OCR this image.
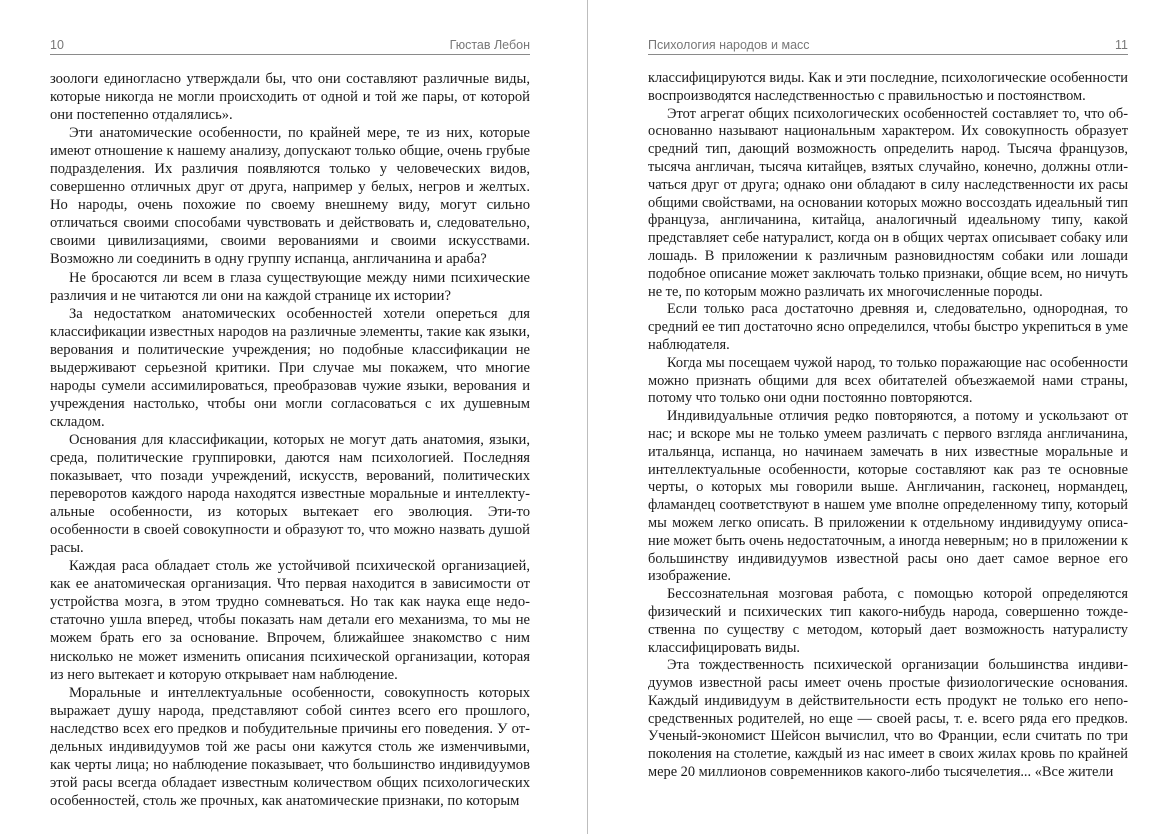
10	Гюстав Лебон

зоологи единогласно утверждали бы, что они составляют различные виды, которые никогда не могли происходить от одной и той же пары, от которой они постепенно отдалялись».

Эти анатомические особенности, по крайней мере, те из них, которые имеют отношение к нашему анализу, допускают только общие, очень грубые подразделения. Их различия появляются только у человеческих видов, совершенно отличных друг от друга, например у белых, негров и желтых. Но народы, очень похожие по своему внешнему виду, могут сильно отличаться своими способами чувствовать и действовать и, следовательно, своими цивилизациями, своими верованиями и своими искусствами. Возможно ли соединить в одну группу испанца, англичанина и араба?

Не бросаются ли всем в глаза существующие между ними психические различия и не читаются ли они на каждой странице их истории?

За недостатком анатомических особенностей хотели опереться для классификации известных народов на различные элементы, такие как языки, верования и политические учреждения; но подобные классификации не выдерживают серьезной критики. При случае мы покажем, что многие народы сумели ассимилироваться, преобразовав чужие языки, верования и учреждения настолько, чтобы они могли согласоваться с их душевным складом.

Основания для классификации, которых не могут дать анатомия, языки, среда, политические группировки, даются нам психологией. Последняя показывает, что позади учреждений, искусств, верований, политических переворотов каждого народа находятся известные моральные и интеллектуальные особенности, из которых вытекает его эволюция. Эти-то особенности в своей совокупности и образуют то, что можно назвать душой расы.

Каждая раса обладает столь же устойчивой психической организацией, как ее анатомическая организация. Что первая находится в зависимости от устройства мозга, в этом трудно сомневаться. Но так как наука еще недостаточно ушла вперед, чтобы показать нам детали его механизма, то мы не можем брать его за основание. Впрочем, ближайшее знакомство с ним нисколько не может изменить описания психической организации, которая из него вытекает и которую открывает нам наблюдение.

Моральные и интеллектуальные особенности, совокупность которых выражает душу народа, представляют собой синтез всего его прошлого, наследство всех его предков и побудительные причины его поведения. У отдельных индивидуумов той же расы они кажутся столь же изменчивыми, как черты лица; но наблюдение показывает, что большинство индивидуумов этой расы всегда обладает известным количеством общих психологических особенностей, столь же прочных, как анатомические признаки, по которым

Психология народов и масс	11

классифицируются виды. Как и эти последние, психологические особенности воспроизводятся наследственностью с правильностью и постоянством.

Этот агрегат общих психологических особенностей составляет то, что обоснованно называют национальным характером. Их совокупность образует средний тип, дающий возможность определить народ. Тысяча французов, тысяча англичан, тысяча китайцев, взятых случайно, конечно, должны отличаться друг от друга; однако они обладают в силу наследственности их расы общими свойствами, на основании которых можно воссоздать идеальный тип француза, англичанина, китайца, аналогичный идеальному типу, какой представляет себе натуралист, когда он в общих чертах описывает собаку или лошадь. В приложении к различным разновидностям собаки или лошади подобное описание может заключать только признаки, общие всем, но ничуть не те, по которым можно различать их многочисленные породы.

Если только раса достаточно древняя и, следовательно, однородная, то средний ее тип достаточно ясно определился, чтобы быстро укрепиться в уме наблюдателя.

Когда мы посещаем чужой народ, то только поражающие нас особенности можно признать общими для всех обитателей объезжаемой нами страны, потому что только они одни постоянно повторяются.

Индивидуальные отличия редко повторяются, а потому и ускользают от нас; и вскоре мы не только умеем различать с первого взгляда англичанина, итальянца, испанца, но начинаем замечать в них известные моральные и интеллектуальные особенности, которые составляют как раз те основные черты, о которых мы говорили выше. Англичанин, гасконец, нормандец, фламандец соответствуют в нашем уме вполне определенному типу, который мы можем легко описать. В приложении к отдельному индивидууму описание может быть очень недостаточным, а иногда неверным; но в приложении к большинству индивидуумов известной расы оно дает самое верное его изображение.

Бессознательная мозговая работа, с помощью которой определяются физический и психических тип какого-нибудь народа, совершенно тождественна по существу с методом, который дает возможность натуралисту классифицировать виды.

Эта тождественность психической организации большинства индивидуумов известной расы имеет очень простые физиологические основания. Каждый индивидуум в действительности есть продукт не только его непосредственных родителей, но еще — своей расы, т. е. всего ряда его предков. Ученый-экономист Шейсон вычислил, что во Франции, если считать по три поколения на столетие, каждый из нас имеет в своих жилах кровь по крайней мере 20 миллионов современников какого-либо тысячелетия... «Все жители
